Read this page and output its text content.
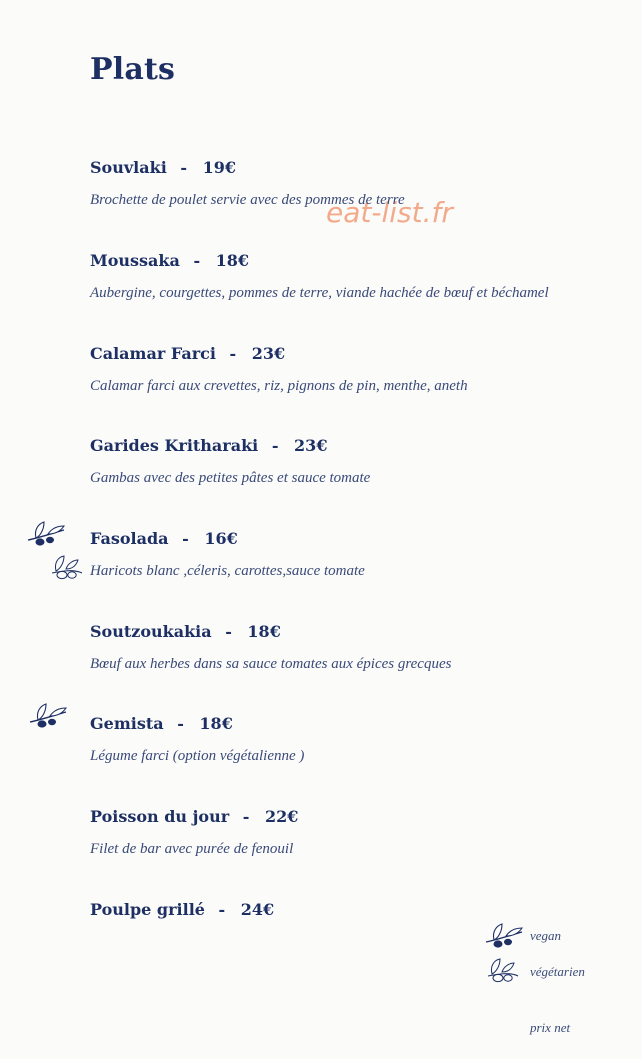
Plats
eat-list.fr
Souvlaki - 19€
Brochette de poulet servie avec des pommes de terre
Moussaka - 18€
Aubergine, courgettes, pommes de terre, viande hachée de bœuf et béchamel
Calamar Farci - 23€
Calamar farci aux crevettes, riz, pignons de pin, menthe, aneth
Garides Kritharaki - 23€
Gambas avec des petites pâtes et sauce tomate
Fasolada - 16€
Haricots blanc ,céleris, carottes,sauce tomate
Soutzoukakia - 18€
Bœuf aux herbes dans sa sauce tomates aux épices grecques
Gemista - 18€
Légume farci (option végétalienne )
Poisson du jour - 22€
Filet de bar avec purée de fenouil
Poulpe grillé - 24€
vegan
végétarien
prix net
